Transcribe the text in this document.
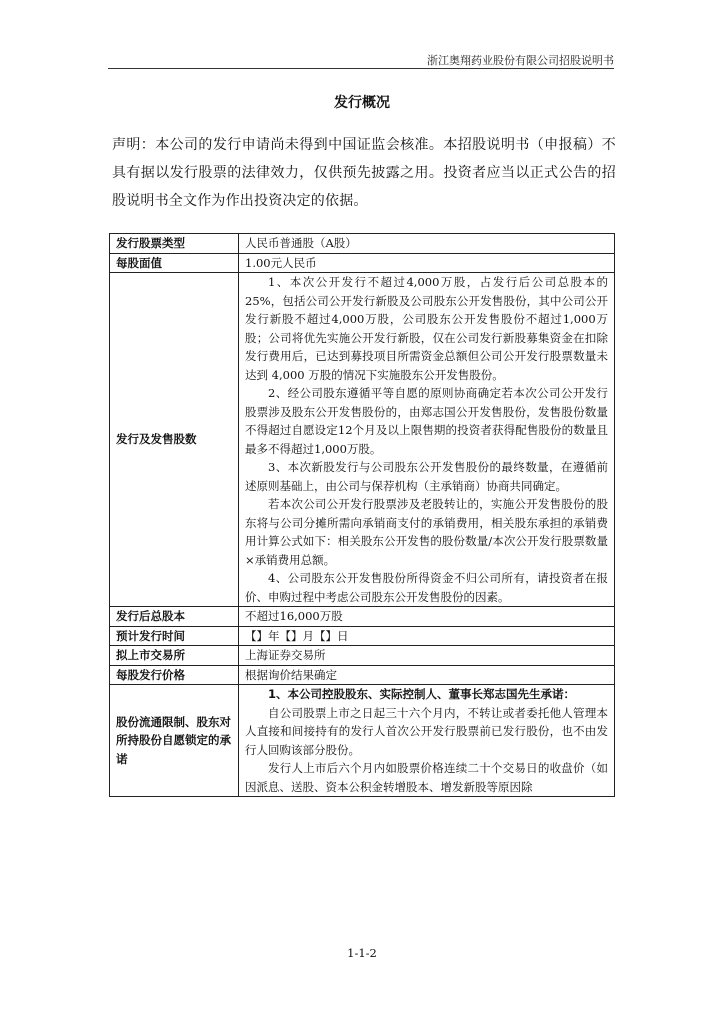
浙江奥翔药业股份有限公司招股说明书
发行概况

声明：本公司的发行申请尚未得到中国证监会核准。本招股说明书（申报稿）不具有据以发行股票的法律效力，仅供预先披露之用。投资者应当以正式公告的招股说明书全文作为作出投资决定的依据。

发行股票类型	人民币普通股（A股）
每股面值	1.00元人民币
发行及发售股数	1、本次公开发行不超过4,000万股，占发行后公司总股本的25%，包括公司公开发行新股及公司股东公开发售股份，其中公司公开发行新股不超过4,000万股，公司股东公开发售股份不超过1,000万股；公司将优先实施公开发行新股，仅在公司发行新股募集资金在扣除发行费用后，已达到募投项目所需资金总额但公司公开发行股票数量未达到 4,000 万股的情况下实施股东公开发售股份。

2、经公司股东遵循平等自愿的原则协商确定若本次公司公开发行股票涉及股东公开发售股份的，由郑志国公开发售股份，发售股份数量不得超过自愿设定12个月及以上限售期的投资者获得配售股份的数量且最多不得超过1,000万股。

3、本次新股发行与公司股东公开发售股份的最终数量，在遵循前述原则基础上，由公司与保荐机构（主承销商）协商共同确定。

若本次公司公开发行股票涉及老股转让的，实施公开发售股份的股东将与公司分摊所需向承销商支付的承销费用，相关股东承担的承销费用计算公式如下：相关股东公开发售的股份数量/本次公开发行股票数量×承销费用总额。

4、公司股东公开发售股份所得资金不归公司所有，请投资者在报价、申购过程中考虑公司股东公开发售股份的因素。

发行后总股本	不超过16,000万股
预计发行时间	【】年【】月【】日
拟上市交易所	上海证券交易所
每股发行价格	根据询价结果确定
股份流通限制、股东对所持股份自愿锁定的承诺	1、本公司控股股东、实际控制人、董事长郑志国先生承诺：

自公司股票上市之日起三十六个月内，不转让或者委托他人管理本人直接和间接持有的发行人首次公开发行股票前已发行股份，也不由发行人回购该部分股份。

发行人上市后六个月内如股票价格连续二十个交易日的收盘价（如因派息、送股、资本公积金转增股本、增发新股等原因除

1-1-2
